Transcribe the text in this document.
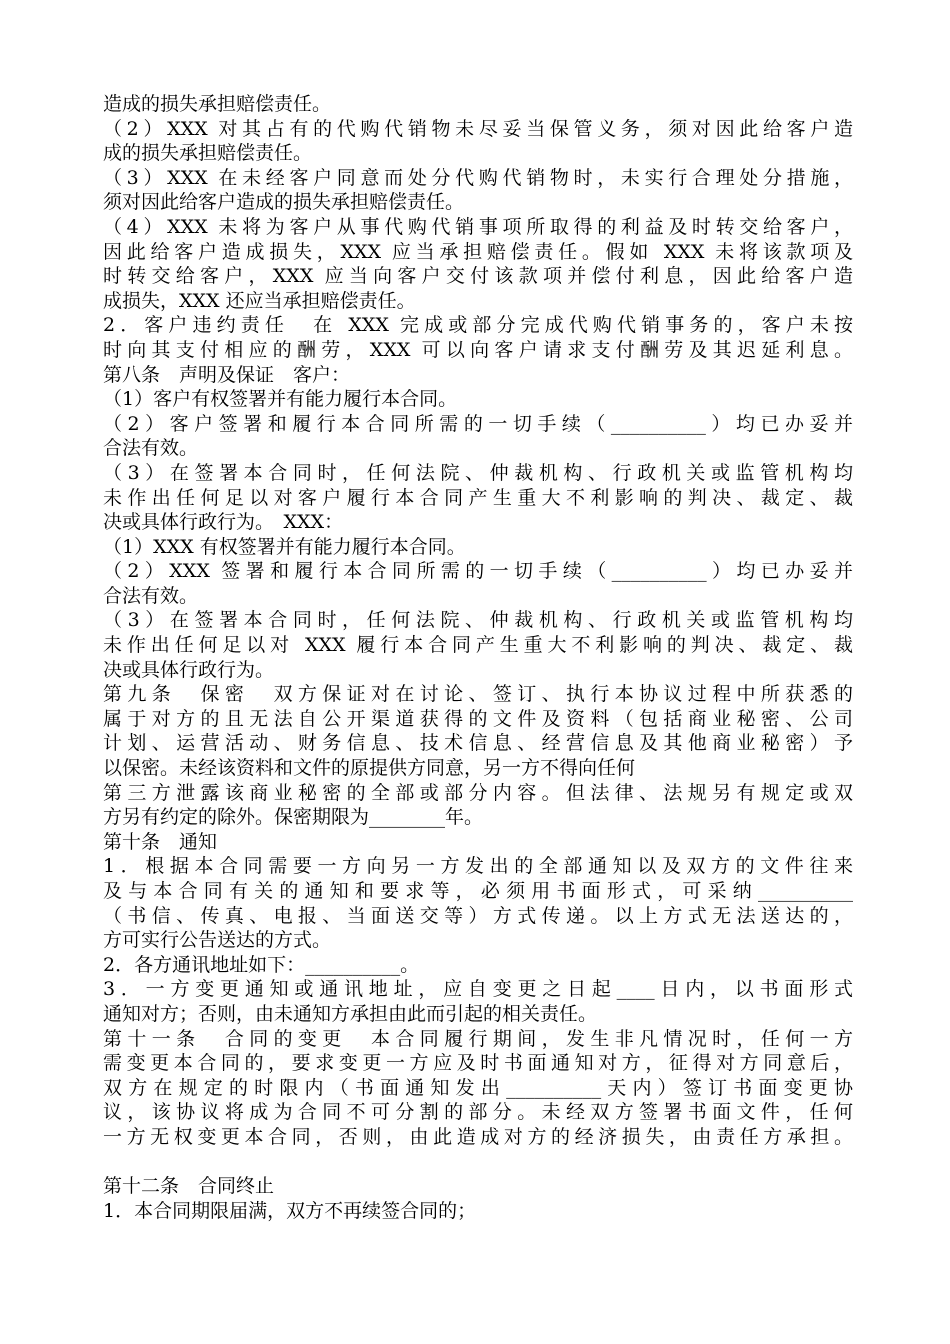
造成的损失承担赔偿责任。
（2）XXX 对其占有的代购代销物未尽妥当保管义务，须对因此给客户造
成的损失承担赔偿责任。
（3）XXX 在未经客户同意而处分代购代销物时，未实行合理处分措施，
须对因此给客户造成的损失承担赔偿责任。
（4）XXX 未将为客户从事代购代销事项所取得的利益及时转交给客户，
因此给客户造成损失，XXX 应当承担赔偿责任。假如 XXX 未将该款项及
时转交给客户，XXX 应当向客户交付该款项并偿付利息，因此给客户造
成损失，XXX 还应当承担赔偿责任。
2．客户违约责任　在 XXX 完成或部分完成代购代销事务的，客户未按
时向其支付相应的酬劳，XXX 可以向客户请求支付酬劳及其迟延利息。
第八条　声明及保证　客户：
（1）客户有权签署并有能力履行本合同。
（2）客户签署和履行本合同所需的一切手续（__________）均已办妥并
合法有效。
（3）在签署本合同时，任何法院、仲裁机构、行政机关或监管机构均
未作出任何足以对客户履行本合同产生重大不利影响的判决、裁定、裁
决或具体行政行为。　XXX：
（1）XXX 有权签署并有能力履行本合同。
（2）XXX 签署和履行本合同所需的一切手续（__________）均已办妥并
合法有效。
（3）在签署本合同时，任何法院、仲裁机构、行政机关或监管机构均
未作出任何足以对 XXX 履行本合同产生重大不利影响的判决、裁定、裁
决或具体行政行为。
第九条　保密　双方保证对在讨论、签订、执行本协议过程中所获悉的
属于对方的且无法自公开渠道获得的文件及资料（包括商业秘密、公司
计划、运营活动、财务信息、技术信息、经营信息及其他商业秘密）予
以保密。未经该资料和文件的原提供方同意，另一方不得向任何
第三方泄露该商业秘密的全部或部分内容。但法律、法规另有规定或双
方另有约定的除外。保密期限为________年。
第十条　通知
1．根据本合同需要一方向另一方发出的全部通知以及双方的文件往来
及与本合同有关的通知和要求等，必须用书面形式，可采纳__________
（书信、传真、电报、当面送交等）方式传递。以上方式无法送达的，
方可实行公告送达的方式。
2．各方通讯地址如下：__________。
3．一方变更通知或通讯地址，应自变更之日起____日内，以书面形式
通知对方；否则，由未通知方承担由此而引起的相关责任。
第十一条　合同的变更　本合同履行期间，发生非凡情况时，任何一方
需变更本合同的，要求变更一方应及时书面通知对方，征得对方同意后，
双方在规定的时限内（书面通知发出__________天内）签订书面变更协
议，该协议将成为合同不可分割的部分。未经双方签署书面文件，任何
一方无权变更本合同，否则，由此造成对方的经济损失，由责任方承担。
第十二条　合同终止
1．本合同期限届满，双方不再续签合同的；
